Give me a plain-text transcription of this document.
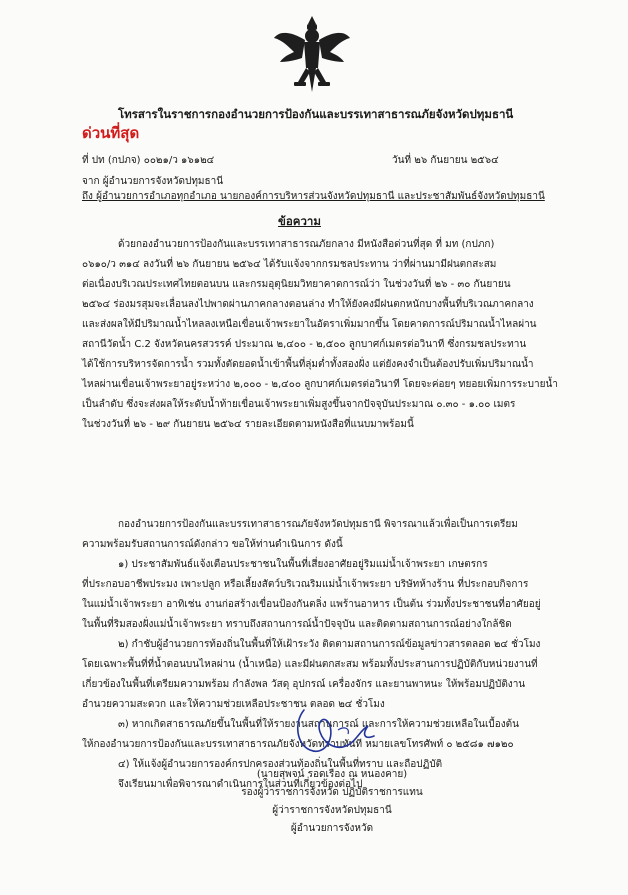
โทรสารในราชการกองอำนวยการป้องกันและบรรเทาสาธารณภัยจังหวัดปทุมธานี
ด่วนที่สุด
ที่ ปท (กปภจ) ๐๐๒๑/ว ๑๖๑๒๔	วันที่ ๒๖ กันยายน ๒๕๖๔
จาก ผู้อำนวยการจังหวัดปทุมธานี
ถึง ผู้อำนวยการอำเภอทุกอำเภอ นายกองค์การบริหารส่วนจังหวัดปทุมธานี และประชาสัมพันธ์จังหวัดปทุมธานี
ข้อความ
ด้วยกองอำนวยการป้องกันและบรรเทาสาธารณภัยกลาง มีหนังสือด่วนที่สุด ที่ มท (กปภก)
๐๖๑๐/ว ๓๑๔ ลงวันที่ ๒๖ กันยายน ๒๕๖๔ ได้รับแจ้งจากกรมชลประทาน ว่าที่ผ่านมามีฝนตกสะสม
ต่อเนื่องบริเวณประเทศไทยตอนบน และกรมอุตุนิยมวิทยาคาดการณ์ว่า ในช่วงวันที่ ๒๖ - ๓๐ กันยายน
๒๕๖๔ ร่องมรสุมจะเลื่อนลงไปพาดผ่านภาคกลางตอนล่าง ทำให้ยังคงมีฝนตกหนักบางพื้นที่บริเวณภาคกลาง
และส่งผลให้มีปริมาณน้ำไหลลงเหนือเขื่อนเจ้าพระยาในอัตราเพิ่มมากขึ้น โดยคาดการณ์ปริมาณน้ำไหลผ่าน
สถานีวัดน้ำ C.2 จังหวัดนครสวรรค์ ประมาณ ๒,๔๐๐ - ๒,๕๐๐ ลูกบาศก์เมตรต่อวินาที ซึ่งกรมชลประทาน
ได้ใช้การบริหารจัดการน้ำ รวมทั้งตัดยอดน้ำเข้าพื้นที่ลุ่มต่ำทั้งสองฝั่ง แต่ยังคงจำเป็นต้องปรับเพิ่มปริมาณน้ำ
ไหลผ่านเขื่อนเจ้าพระยาอยู่ระหว่าง ๒,๐๐๐ - ๒,๔๐๐ ลูกบาศก์เมตรต่อวินาที โดยจะค่อยๆ ทยอยเพิ่มการระบายน้ำ
เป็นลำดับ ซึ่งจะส่งผลให้ระดับน้ำท้ายเขื่อนเจ้าพระยาเพิ่มสูงขึ้นจากปัจจุบันประมาณ ๐.๓๐ - ๑.๐๐ เมตร
ในช่วงวันที่ ๒๖ - ๒๙ กันยายน ๒๕๖๔ รายละเอียดตามหนังสือที่แนบมาพร้อมนี้
กองอำนวยการป้องกันและบรรเทาสาธารณภัยจังหวัดปทุมธานี พิจารณาแล้วเพื่อเป็นการเตรียม
ความพร้อมรับสถานการณ์ดังกล่าว ขอให้ท่านดำเนินการ ดังนี้
๑) ประชาสัมพันธ์แจ้งเตือนประชาชนในพื้นที่เสี่ยงอาศัยอยู่ริมแม่น้ำเจ้าพระยา เกษตรกร
ที่ประกอบอาชีพประมง เพาะปลูก หรือเลี้ยงสัตว์บริเวณริมแม่น้ำเจ้าพระยา บริษัทห้างร้าน ที่ประกอบกิจการ
ในแม่น้ำเจ้าพระยา อาทิเช่น งานก่อสร้างเขื่อนป้องกันตลิ่ง แพร้านอาหาร เป็นต้น ร่วมทั้งประชาชนที่อาศัยอยู่
ในพื้นที่ริมสองฝั่งแม่น้ำเจ้าพระยา ทราบถึงสถานการณ์น้ำปัจจุบัน และติดตามสถานการณ์อย่างใกล้ชิด
๒) กำชับผู้อำนวยการท้องถิ่นในพื้นที่ให้เฝ้าระวัง ติดตามสถานการณ์ข้อมูลข่าวสารตลอด ๒๔ ชั่วโมง
โดยเฉพาะพื้นที่ที่น้ำตอนบนไหลผ่าน (น้ำเหนือ) และมีฝนตกสะสม พร้อมทั้งประสานการปฏิบัติกับหน่วยงานที่
เกี่ยวข้องในพื้นที่เตรียมความพร้อม กำลังพล วัสดุ อุปกรณ์ เครื่องจักร และยานพาหนะ ให้พร้อมปฏิบัติงาน
อำนวยความสะดวก และให้ความช่วยเหลือประชาชน ตลอด ๒๔ ชั่วโมง
๓) หากเกิดสาธารณภัยขึ้นในพื้นที่ให้รายงานสถานการณ์ และการให้ความช่วยเหลือในเบื้องต้น
ให้กองอำนวยการป้องกันและบรรเทาสาธารณภัยจังหวัดทราบทันที หมายเลขโทรศัพท์ ๐ ๒๕๘๑ ๗๑๒๐
๔) ให้แจ้งผู้อำนวยการองค์กรปกครองส่วนท้องถิ่นในพื้นที่ทราบ และถือปฏิบัติ
จึงเรียนมาเพื่อพิจารณาดำเนินการในส่วนที่เกี่ยวข้องต่อไป
(นายสุพจน์ รอดเรือง ณ หนองคาย)
รองผู้ว่าราชการจังหวัด ปฏิบัติราชการแทน
ผู้ว่าราชการจังหวัดปทุมธานี
ผู้อำนวยการจังหวัด
